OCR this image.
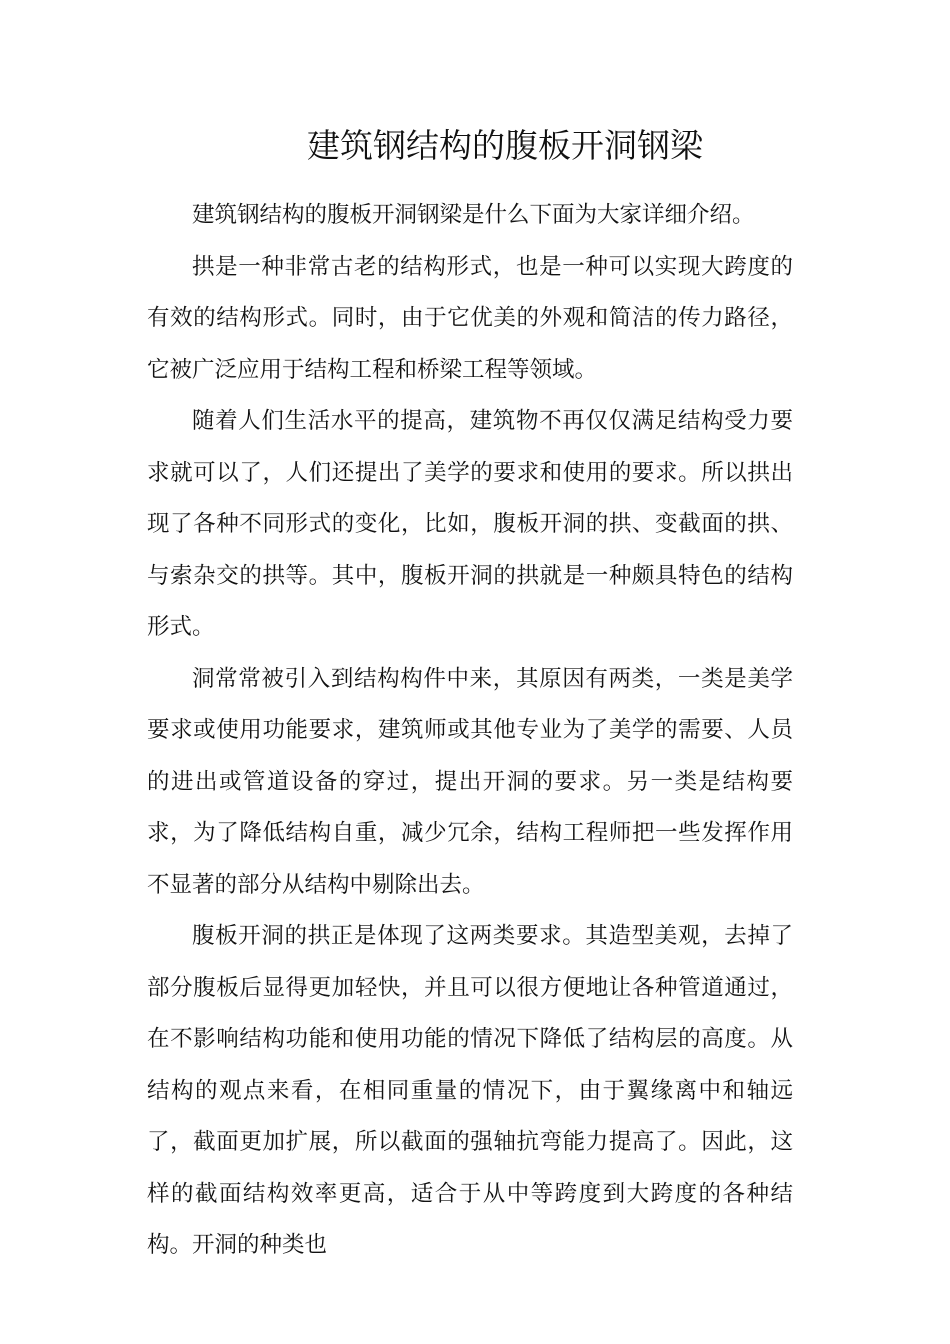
建筑钢结构的腹板开洞钢梁

建筑钢结构的腹板开洞钢梁是什么下面为大家详细介绍。

拱是一种非常古老的结构形式，也是一种可以实现大跨度的有效的结构形式。同时，由于它优美的外观和简洁的传力路径，它被广泛应用于结构工程和桥梁工程等领域。

随着人们生活水平的提高，建筑物不再仅仅满足结构受力要求就可以了，人们还提出了美学的要求和使用的要求。所以拱出现了各种不同形式的变化，比如，腹板开洞的拱、变截面的拱、与索杂交的拱等。其中，腹板开洞的拱就是一种颇具特色的结构形式。

洞常常被引入到结构构件中来，其原因有两类，一类是美学要求或使用功能要求，建筑师或其他专业为了美学的需要、人员的进出或管道设备的穿过，提出开洞的要求。另一类是结构要求，为了降低结构自重，减少冗余，结构工程师把一些发挥作用不显著的部分从结构中剔除出去。

腹板开洞的拱正是体现了这两类要求。其造型美观，去掉了部分腹板后显得更加轻快，并且可以很方便地让各种管道通过，在不影响结构功能和使用功能的情况下降低了结构层的高度。从结构的观点来看，在相同重量的情况下，由于翼缘离中和轴远了，截面更加扩展，所以截面的强轴抗弯能力提高了。因此，这样的截面结构效率更高，适合于从中等跨度到大跨度的各种结构。开洞的种类也
